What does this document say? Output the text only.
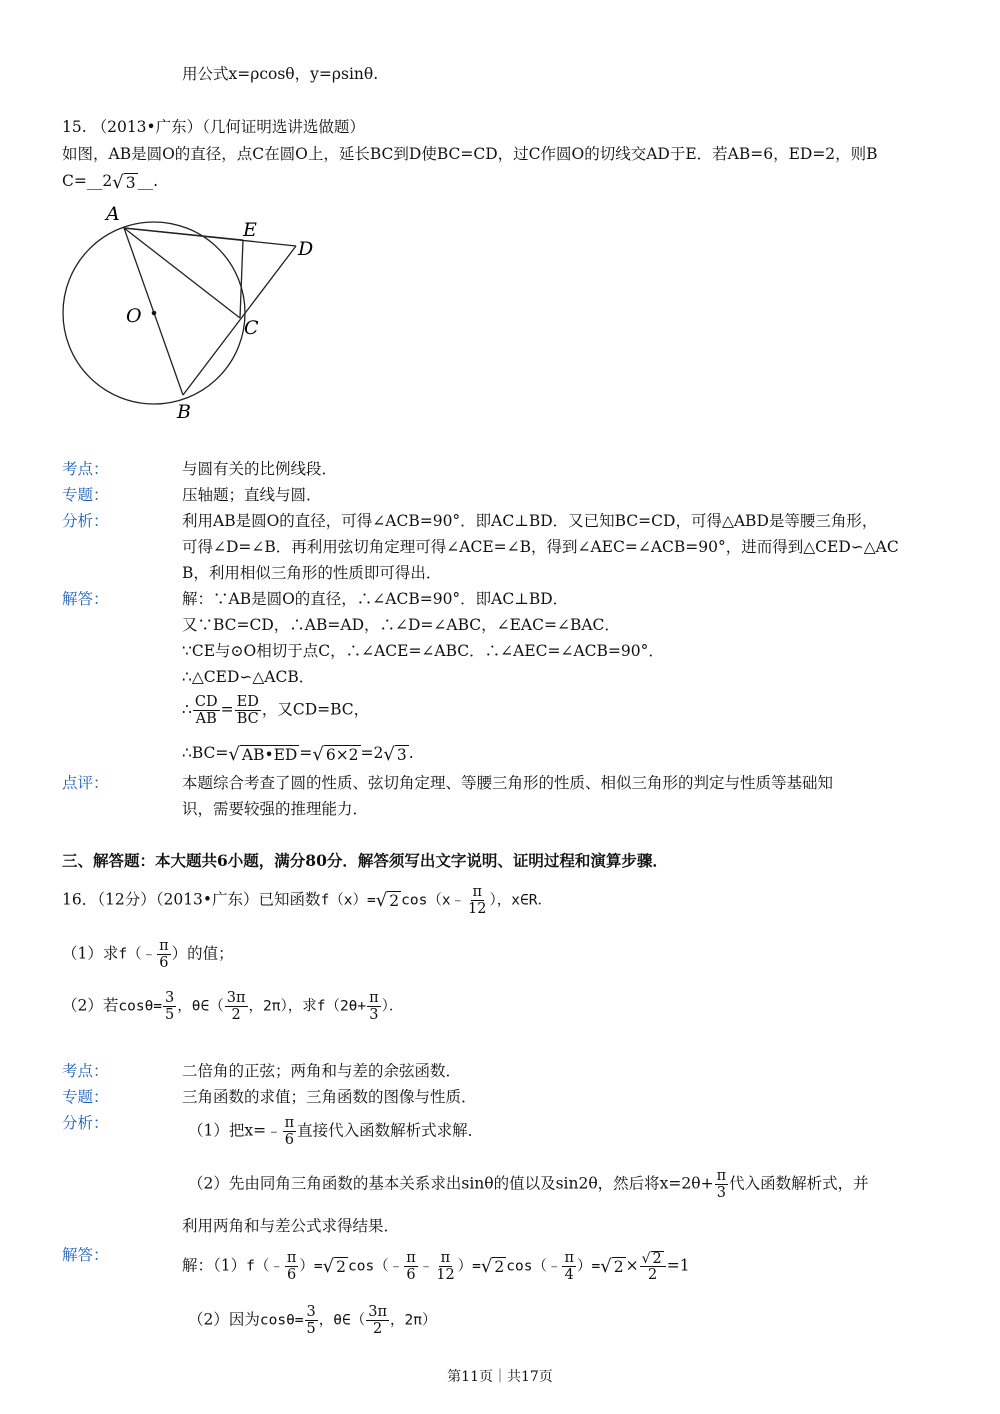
用公式x=ρcosθ，y=ρsinθ.
15. （2013•广东）（几何证明选讲选做题）
如图，AB是圆O的直径，点C在圆O上，延长BC到D使BC=CD，过C作圆O的切线交AD于E．若AB=6，ED=2，则B
C=__2 √ 3 __.
A
E
D
O
C
B
考点：	与圆有关的比例线段．
专题：	压轴题；直线与圆．
分析：	利用AB是圆O的直径，可得∠ACB=90°．即AC⊥BD．又已知BC=CD，可得△ABD是等腰三角形，
可得∠D=∠B．再利用弦切角定理可得∠ACE=∠B，得到∠AEC=∠ACB=90°，进而得到△CED∽△AC
B，利用相似三角形的性质即可得出．
解答：	解：∵AB是圆O的直径，∴∠ACB=90°．即AC⊥BD．
又∵BC=CD，∴AB=AD，∴∠D=∠ABC，∠EAC=∠BAC．
∵CE与⊙O相切于点C，∴∠ACE=∠ABC．∴∠AEC=∠ACB=90°．
∴△CED∽△ACB．
∴ $\frac{CD}{AB} = \frac{ED}{BC}$ ，又CD=BC，
∴BC= √ AB•ED = √ 6×2 =2 √ 3 .
点评：	本题综合考查了圆的性质、弦切角定理、等腰三角形的性质、相似三角形的判定与性质等基础知
识，需要较强的推理能力．
三、解答题：本大题共6小题，满分80分．解答须写出文字说明、证明过程和演算步骤．
16．（12分）（2013•广东）已知函数f（x）= √ 2 cos（x﹣ $\frac{\pi}{12}$ ），x∈R．
（1）求f（﹣ $\frac{\pi}{6}$ ）的值；
（2）若$\cos\theta= \frac{3}{5}$ ，θ∈（ $\frac{3\pi}{2}$ ，2π），求$f(2\theta+ \frac{\pi}{3}$ ）．
考点：	二倍角的正弦；两角和与差的余弦函数．
专题：	三角函数的求值；三角函数的图像与性质．
分析：	（1）把x=﹣ $\frac{\pi}{6}$ 直接代入函数解析式求解．
（2）先由同角三角函数的基本关系求出sinθ的值以及sin2θ，然后将$x=2\theta+ \frac{\pi}{3}$ 代入函数解析式，并
利用两角和与差公式求得结果．
解答：
解：（1）f（﹣ $\frac{\pi}{6}$ ）= √ 2 cos（﹣ $\frac{\pi}{6}$ ﹣ $\frac{\pi}{12}$ ）= √ 2 cos（﹣ $\frac{\pi}{4}$ ）= √ $2 \times \frac{√ 2}{2} =1$
（2）因为$\cos\theta= \frac{3}{5}$ ，θ∈（ $\frac{3\pi}{2}$ ，2π）
第11页｜共17页
